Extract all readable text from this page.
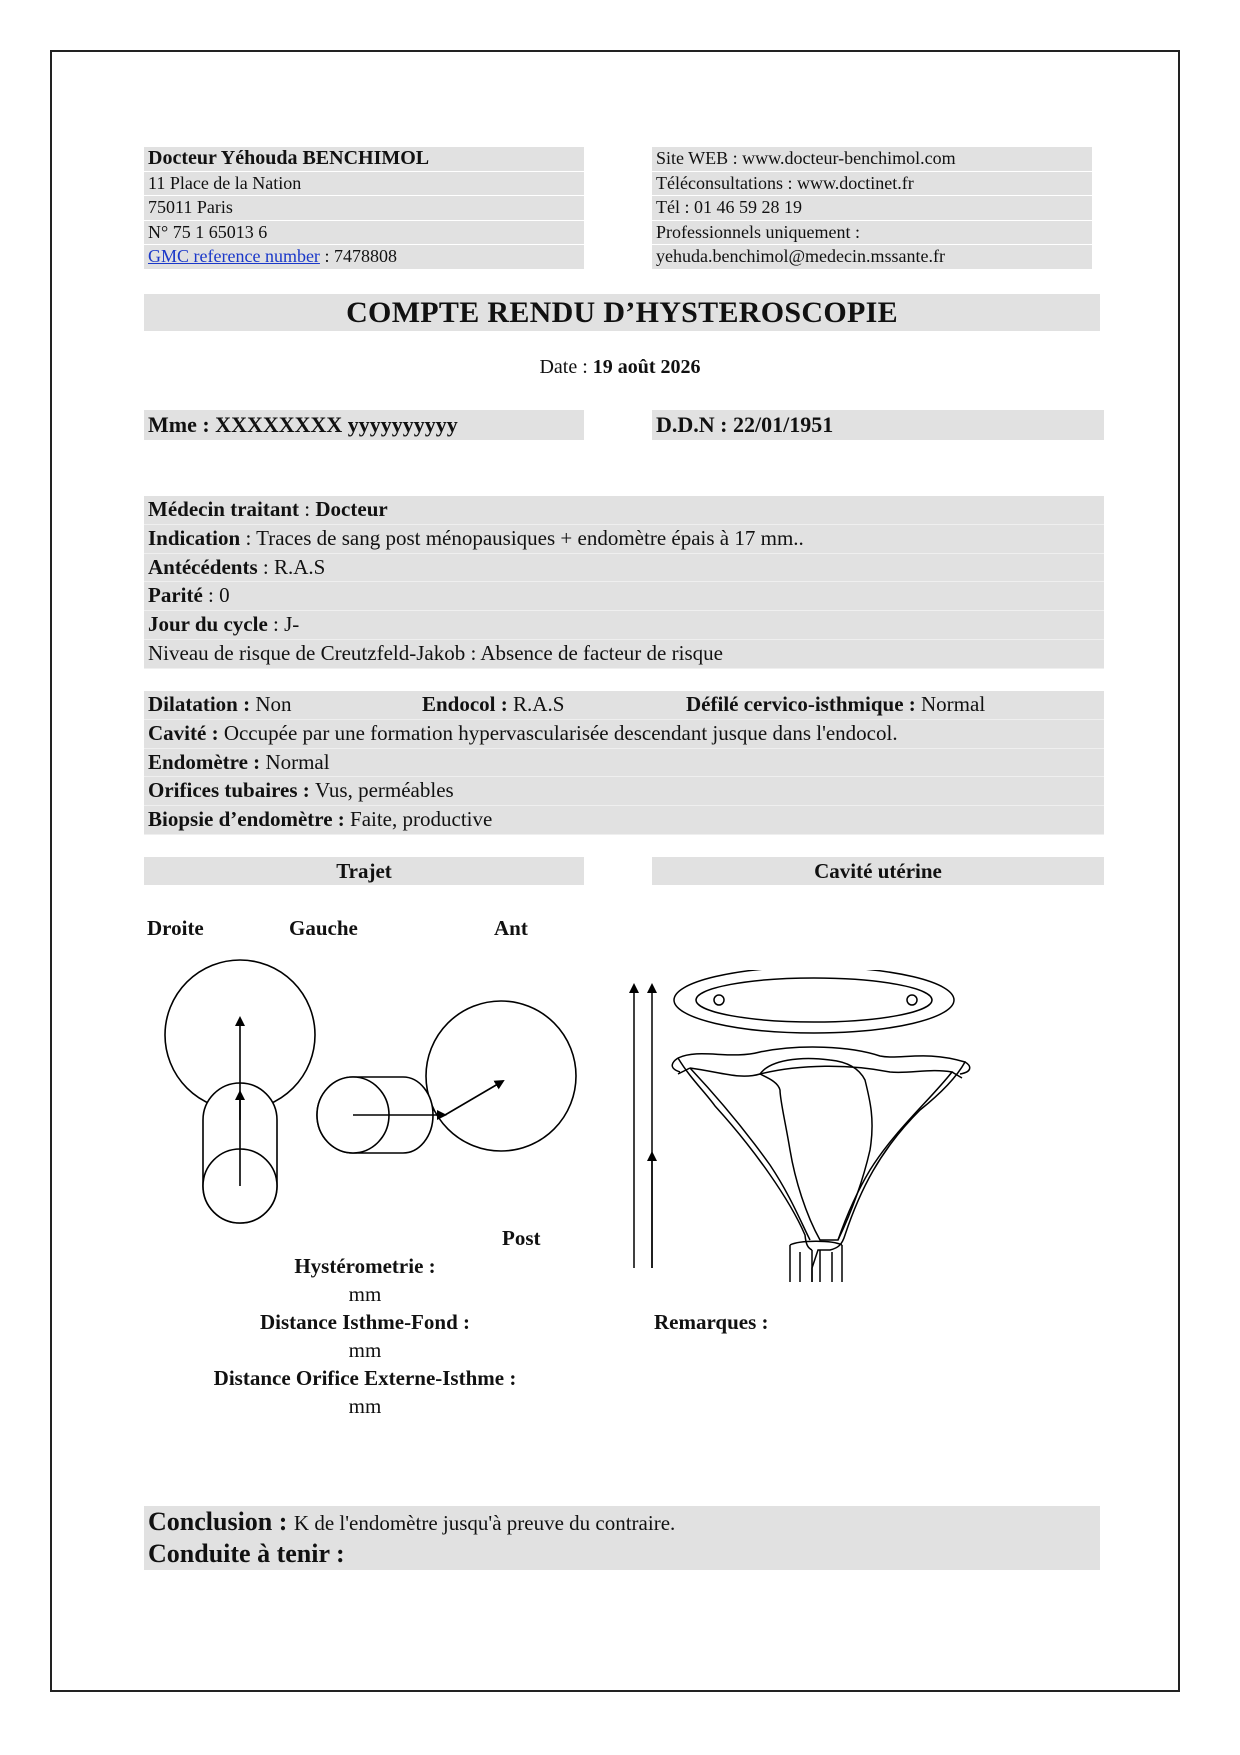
Docteur Yéhouda BENCHIMOL
11 Place de la Nation
75011 Paris
N° 75 1 65013 6
GMC reference number : 7478808
Site WEB : www.docteur-benchimol.com
Téléconsultations : www.doctinet.fr
Tél : 01 46 59 28 19
Professionnels uniquement :
yehuda.benchimol@medecin.mssante.fr
COMPTE RENDU D’HYSTEROSCOPIE
Date : 19 août 2026
Mme : XXXXXXXX yyyyyyyyyy	D.D.N : 22/01/1951
Médecin traitant : Docteur
Indication : Traces de sang post ménopausiques + endomètre épais à 17 mm..
Antécédents : R.A.S
Parité : 0
Jour du cycle : J-
Niveau de risque de Creutzfeld-Jakob : Absence de facteur de risque
Dilatation : Non	Endocol : R.A.S	Défilé cervico-isthmique : Normal
Cavité : Occupée par une formation hypervascularisée descendant jusque dans l'endocol.
Endomètre : Normal
Orifices tubaires : Vus, perméables
Biopsie d’endomètre : Faite, productive
Trajet	Cavité utérine
Droite	Gauche	Ant
Post
Hystérometrie :
mm
Distance Isthme-Fond :
mm
Distance Orifice Externe-Isthme :
mm
Remarques :
Conclusion : K de l'endomètre jusqu'à preuve du contraire.
Conduite à tenir :
